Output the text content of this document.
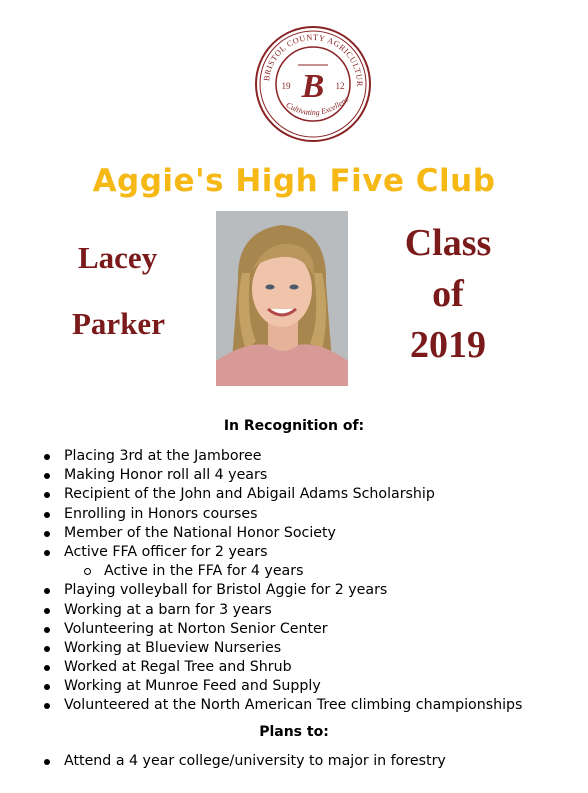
BRISTOL COUNTY AGRICULTUR
B
19	12
Cultivating Excellenc
Aggie's High Five Club
Lacey
Parker
Class
of
2019
In Recognition of:
Placing 3rd at the Jamboree
Making Honor roll all 4 years
Recipient of the John and Abigail Adams Scholarship
Enrolling in Honors courses
Member of the National Honor Society
Active FFA officer for 2 years
Active in the FFA for 4 years
Playing volleyball for Bristol Aggie for 2 years
Working at a barn for 3 years
Volunteering at Norton Senior Center
Working at Blueview Nurseries
Worked at Regal Tree and Shrub
Working at Munroe Feed and Supply
Volunteered at the North American Tree climbing championships
Plans to:
Attend a 4 year college/university to major in forestry
